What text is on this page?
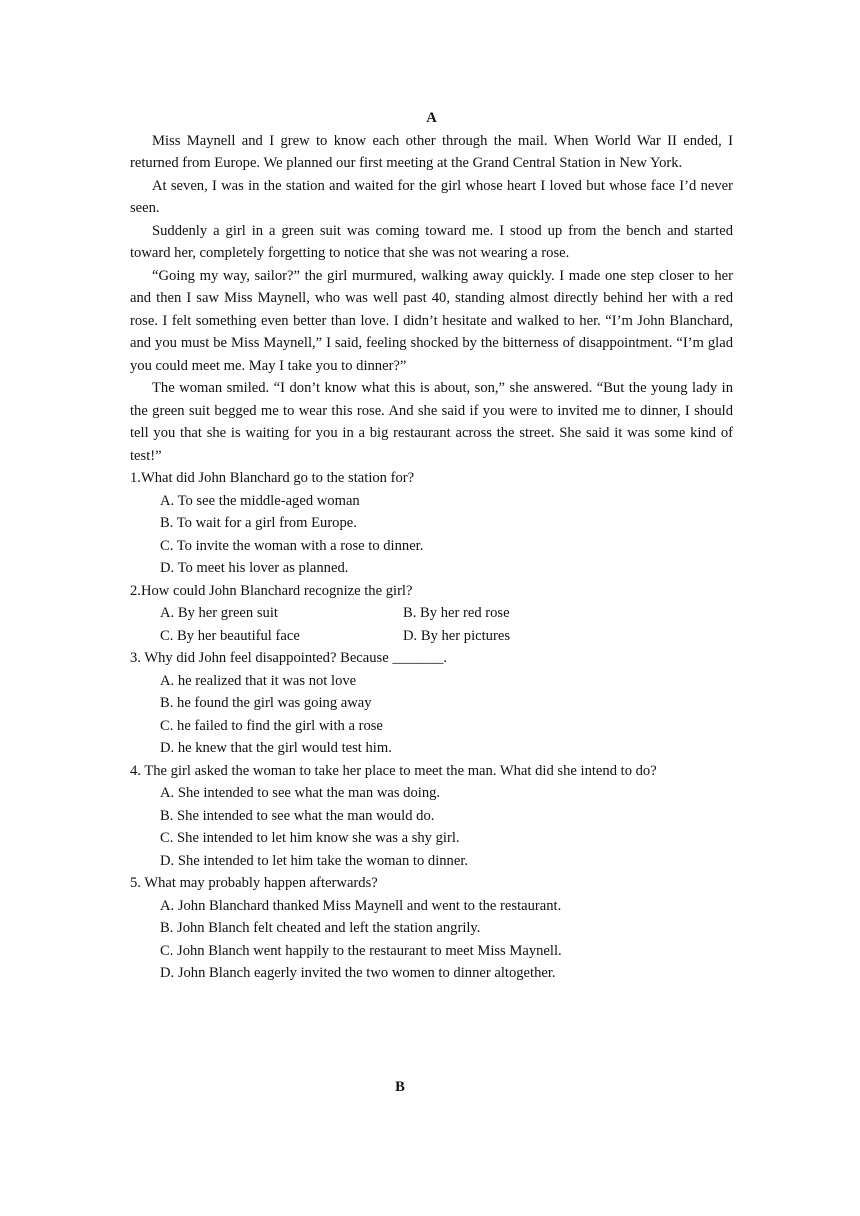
A

Miss Maynell and I grew to know each other through the mail. When World War II ended, I returned from Europe. We planned our first meeting at the Grand Central Station in New York.

At seven, I was in the station and waited for the girl whose heart I loved but whose face I’d never seen.

Suddenly a girl in a green suit was coming toward me. I stood up from the bench and started toward her, completely forgetting to notice that she was not wearing a rose.

“Going my way, sailor?” the girl murmured, walking away quickly. I made one step closer to her and then I saw Miss Maynell, who was well past 40, standing almost directly behind her with a red rose. I felt something even better than love. I didn’t hesitate and walked to her. “I’m John Blanchard, and you must be Miss Maynell,” I said, feeling shocked by the bitterness of disappointment. “I’m glad you could meet me. May I take you to dinner?”

The woman smiled. “I don’t know what this is about, son,” she answered. “But the young lady in the green suit begged me to wear this rose. And she said if you were to invited me to dinner, I should tell you that she is waiting for you in a big restaurant across the street. She said it was some kind of test!”

1.What did John Blanchard go to the station for?

A. To see the middle-aged woman

B. To wait for a girl from Europe.

C. To invite the woman with a rose to dinner.

D. To meet his lover as planned.

2.How could John Blanchard recognize the girl?

A. By her green suit	B. By her red rose
C. By her beautiful face	D. By her pictures

3. Why did John feel disappointed? Because _______.

A. he realized that it was not love

B. he found the girl was going away

C. he failed to find the girl with a rose

D. he knew that the girl would test him.

4. The girl asked the woman to take her place to meet the man. What did she intend to do?

A. She intended to see what the man was doing.

B. She intended to see what the man would do.

C. She intended to let him know she was a shy girl.

D. She intended to let him take the woman to dinner.

5. What may probably happen afterwards?

A. John Blanchard thanked Miss Maynell and went to the restaurant.

B. John Blanch felt cheated and left the station angrily.

C. John Blanch went happily to the restaurant to meet Miss Maynell.

D. John Blanch eagerly invited the two women to dinner altogether.

B
